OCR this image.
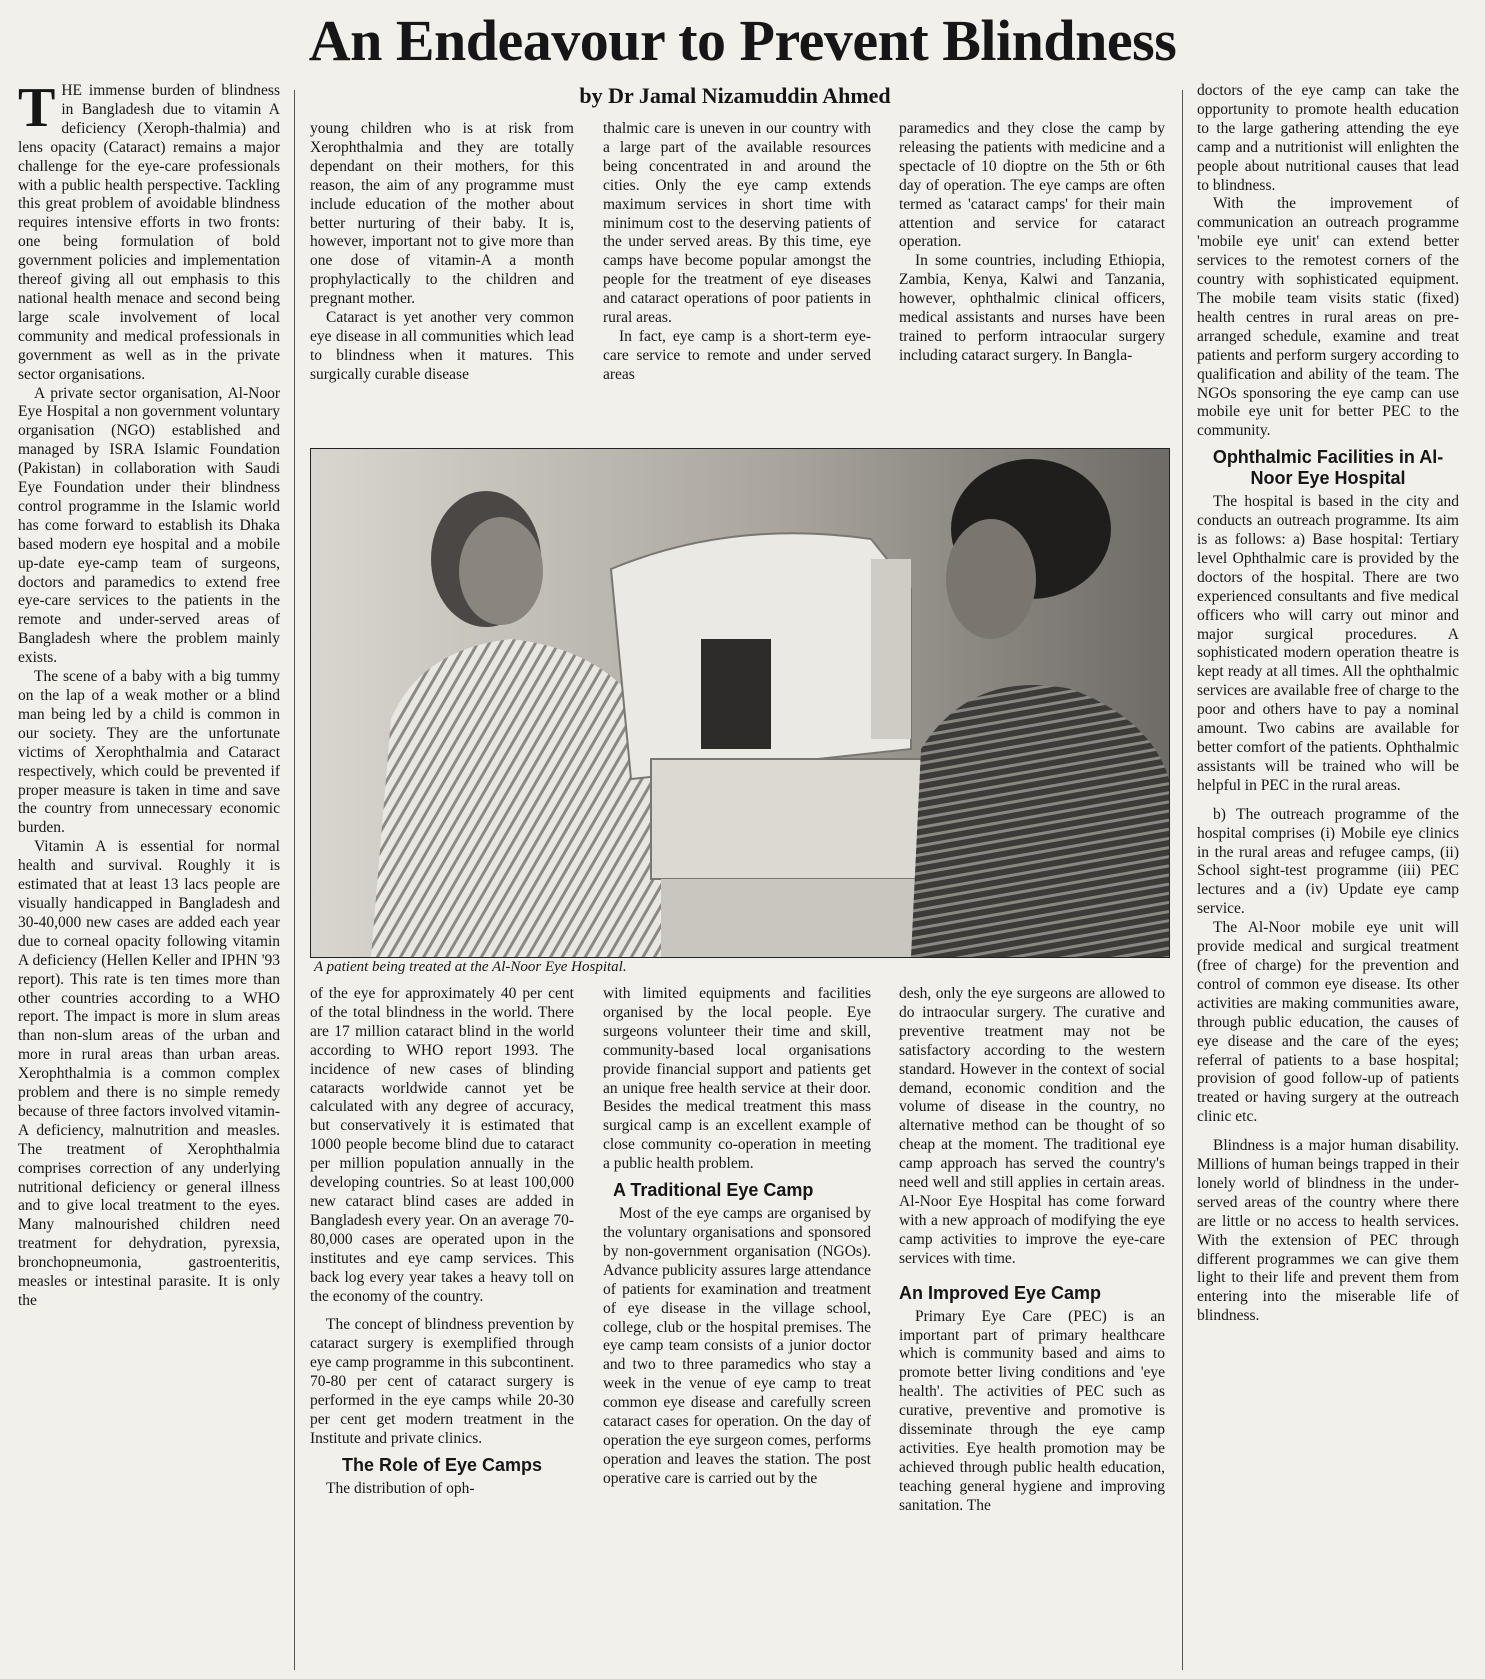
An Endeavour to Prevent Blindness
by Dr Jamal Nizamuddin Ahmed
T HE immense burden of blindness in Bangladesh due to vitamin A deficiency (Xeroph-thalmia) and lens opacity (Cataract) remains a major challenge for the eye-care professionals with a public health perspective. Tackling this great problem of avoidable blindness requires intensive efforts in two fronts: one being formulation of bold government policies and implementation thereof giving all out emphasis to this national health menace and second being large scale involvement of local community and medical professionals in government as well as in the private sector organisations.

A private sector organisation, Al-Noor Eye Hospital a non government voluntary organisation (NGO) established and managed by ISRA Islamic Foundation (Pakistan) in collaboration with Saudi Eye Foundation under their blindness control programme in the Islamic world has come forward to establish its Dhaka based modern eye hospital and a mobile up-date eye-camp team of surgeons, doctors and paramedics to extend free eye-care services to the patients in the remote and under-served areas of Bangladesh where the problem mainly exists.

The scene of a baby with a big tummy on the lap of a weak mother or a blind man being led by a child is common in our society. They are the unfortunate victims of Xerophthalmia and Cataract respectively, which could be prevented if proper measure is taken in time and save the country from unnecessary economic burden.

Vitamin A is essential for normal health and survival. Roughly it is estimated that at least 13 lacs people are visually handicapped in Bangladesh and 30-40,000 new cases are added each year due to corneal opacity following vitamin A deficiency (Hellen Keller and IPHN '93 report). This rate is ten times more than other countries according to a WHO report. The impact is more in slum areas than non-slum areas of the urban and more in rural areas than urban areas. Xerophthalmia is a common complex problem and there is no simple remedy because of three factors involved vitamin-A deficiency, malnutrition and measles. The treatment of Xerophthalmia comprises correction of any underlying nutritional deficiency or general illness and to give local treatment to the eyes. Many malnourished children need treatment for dehydration, pyrexsia, bronchopneumonia, gastroenteritis, measles or intestinal parasite. It is only the

young children who is at risk from Xerophthalmia and they are totally dependant on their mothers, for this reason, the aim of any programme must include education of the mother about better nurturing of their baby. It is, however, important not to give more than one dose of vitamin-A a month prophylactically to the children and pregnant mother.

Cataract is yet another very common eye disease in all communities which lead to blindness when it matures. This surgically curable disease

thalmic care is uneven in our country with a large part of the available resources being concentrated in and around the cities. Only the eye camp extends maximum services in short time with minimum cost to the deserving patients of the under served areas. By this time, eye camps have become popular amongst the people for the treatment of eye diseases and cataract operations of poor patients in rural areas.

In fact, eye camp is a short-term eye-care service to remote and under served areas

paramedics and they close the camp by releasing the patients with medicine and a spectacle of 10 dioptre on the 5th or 6th day of operation. The eye camps are often termed as 'cataract camps' for their main attention and service for cataract operation.

In some countries, including Ethiopia, Zambia, Kenya, Kalwi and Tanzania, however, ophthalmic clinical officers, medical assistants and nurses have been trained to perform intraocular surgery including cataract surgery. In Bangla-

A patient being treated at the Al-Noor Eye Hospital.

of the eye for approximately 40 per cent of the total blindness in the world. There are 17 million cataract blind in the world according to WHO report 1993. The incidence of new cases of blinding cataracts worldwide cannot yet be calculated with any degree of accuracy, but conservatively it is estimated that 1000 people become blind due to cataract per million population annually in the developing countries. So at least 100,000 new cataract blind cases are added in Bangladesh every year. On an average 70-80,000 cases are operated upon in the institutes and eye camp services. This back log every year takes a heavy toll on the economy of the country.

The concept of blindness prevention by cataract surgery is exemplified through eye camp programme in this subcontinent. 70-80 per cent of cataract surgery is performed in the eye camps while 20-30 per cent get modern treatment in the Institute and private clinics.

The Role of Eye Camps

The distribution of oph-

with limited equipments and facilities organised by the local people. Eye surgeons volunteer their time and skill, community-based local organisations provide financial support and patients get an unique free health service at their door. Besides the medical treatment this mass surgical camp is an excellent example of close community co-operation in meeting a public health problem.

A Traditional Eye Camp

Most of the eye camps are organised by the voluntary organisations and sponsored by non-government organisation (NGOs). Advance publicity assures large attendance of patients for examination and treatment of eye disease in the village school, college, club or the hospital premises. The eye camp team consists of a junior doctor and two to three paramedics who stay a week in the venue of eye camp to treat common eye disease and carefully screen cataract cases for operation. On the day of operation the eye surgeon comes, performs operation and leaves the station. The post operative care is carried out by the

desh, only the eye surgeons are allowed to do intraocular surgery. The curative and preventive treatment may not be satisfactory according to the western standard. However in the context of social demand, economic condition and the volume of disease in the country, no alternative method can be thought of so cheap at the moment. The traditional eye camp approach has served the country's need well and still applies in certain areas. Al-Noor Eye Hospital has come forward with a new approach of modifying the eye camp activities to improve the eye-care services with time.

An Improved Eye Camp

Primary Eye Care (PEC) is an important part of primary healthcare which is community based and aims to promote better living conditions and 'eye health'. The activities of PEC such as curative, preventive and promotive is disseminate through the eye camp activities. Eye health promotion may be achieved through public health education, teaching general hygiene and improving sanitation. The

doctors of the eye camp can take the opportunity to promote health education to the large gathering attending the eye camp and a nutritionist will enlighten the people about nutritional causes that lead to blindness.

With the improvement of communication an outreach programme 'mobile eye unit' can extend better services to the remotest corners of the country with sophisticated equipment. The mobile team visits static (fixed) health centres in rural areas on pre-arranged schedule, examine and treat patients and perform surgery according to qualification and ability of the team. The NGOs sponsoring the eye camp can use mobile eye unit for better PEC to the community.

Ophthalmic Facilities in Al-Noor Eye Hospital

The hospital is based in the city and conducts an outreach programme. Its aim is as follows: a) Base hospital: Tertiary level Ophthalmic care is provided by the doctors of the hospital. There are two experienced consultants and five medical officers who will carry out minor and major surgical procedures. A sophisticated modern operation theatre is kept ready at all times. All the ophthalmic services are available free of charge to the poor and others have to pay a nominal amount. Two cabins are available for better comfort of the patients. Ophthalmic assistants will be trained who will be helpful in PEC in the rural areas.

b) The outreach programme of the hospital comprises (i) Mobile eye clinics in the rural areas and refugee camps, (ii) School sight-test programme (iii) PEC lectures and a (iv) Update eye camp service.

The Al-Noor mobile eye unit will provide medical and surgical treatment (free of charge) for the prevention and control of common eye disease. Its other activities are making communities aware, through public education, the causes of eye disease and the care of the eyes; referral of patients to a base hospital; provision of good follow-up of patients treated or having surgery at the outreach clinic etc.

Blindness is a major human disability. Millions of human beings trapped in their lonely world of blindness in the under-served areas of the country where there are little or no access to health services. With the extension of PEC through different programmes we can give them light to their life and prevent them from entering into the miserable life of blindness.
